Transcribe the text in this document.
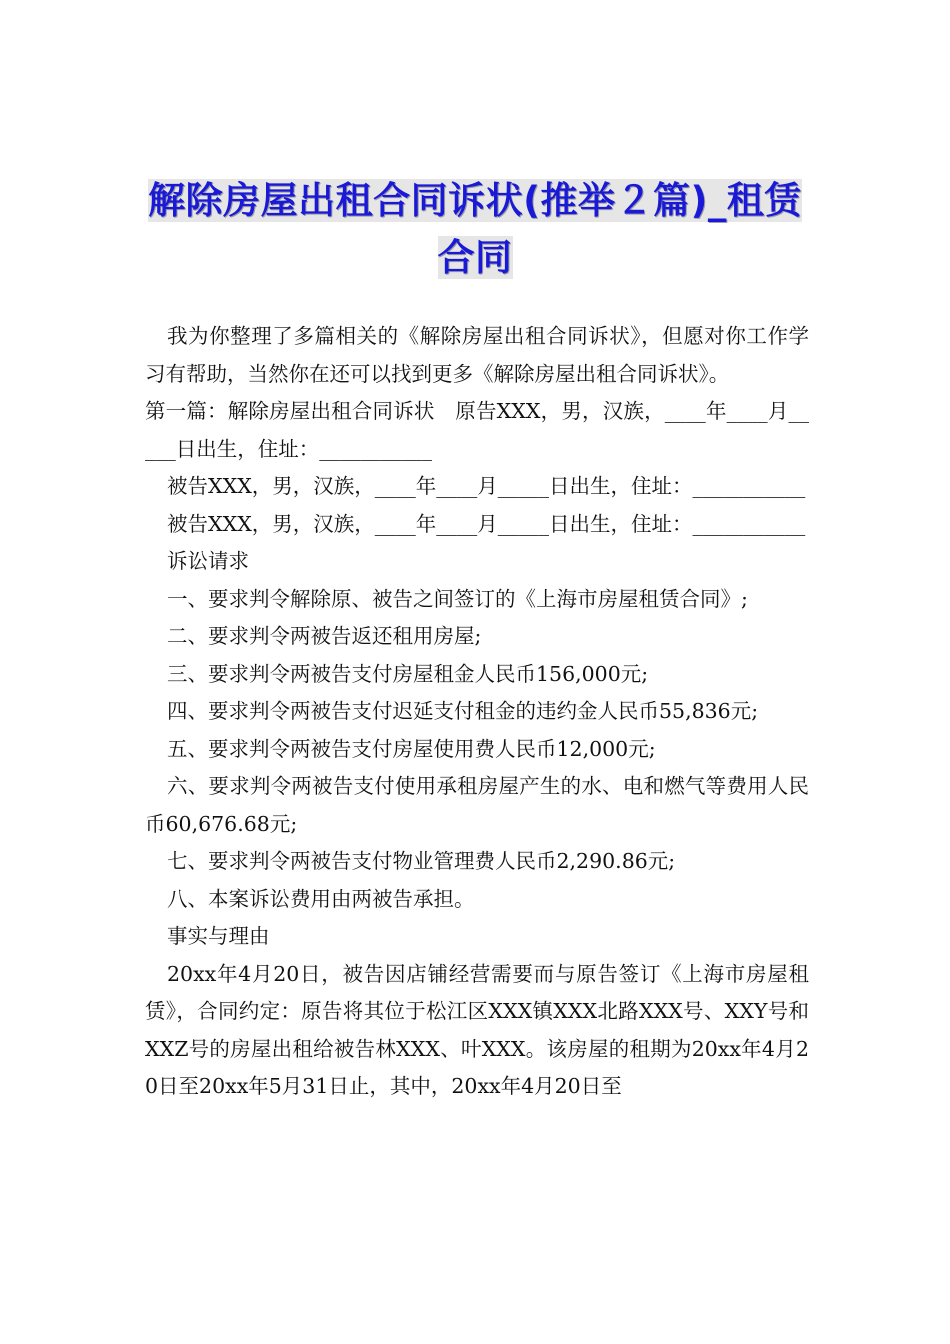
解除房屋出租合同诉状(推举２篇)_租赁合同

我为你整理了多篇相关的《解除房屋出租合同诉状》，但愿对你工作学习有帮助，当然你在还可以找到更多《解除房屋出租合同诉状》。

第一篇：解除房屋出租合同诉状　原告XXX，男，汉族，____年____月_____日出生，住址：___________

被告XXX，男，汉族，____年____月_____日出生，住址：___________

被告XXX，男，汉族，____年____月_____日出生，住址：___________

诉讼请求

一、要求判令解除原、被告之间签订的《上海市房屋租赁合同》;

二、要求判令两被告返还租用房屋;

三、要求判令两被告支付房屋租金人民币156,000元;

四、要求判令两被告支付迟延支付租金的违约金人民币55,836元;

五、要求判令两被告支付房屋使用费人民币12,000元;

六、要求判令两被告支付使用承租房屋产生的水、电和燃气等费用人民币60,676.68元;

七、要求判令两被告支付物业管理费人民币2,290.86元;

八、本案诉讼费用由两被告承担。

事实与理由

20xx年4月20日，被告因店铺经营需要而与原告签订《上海市房屋租赁》，合同约定：原告将其位于松江区XXX镇XXX北路XXX号、XXY号和XXZ号的房屋出租给被告林XXX、叶XXX。该房屋的租期为20xx年4月20日至20xx年5月31日止，其中，20xx年4月20日至
